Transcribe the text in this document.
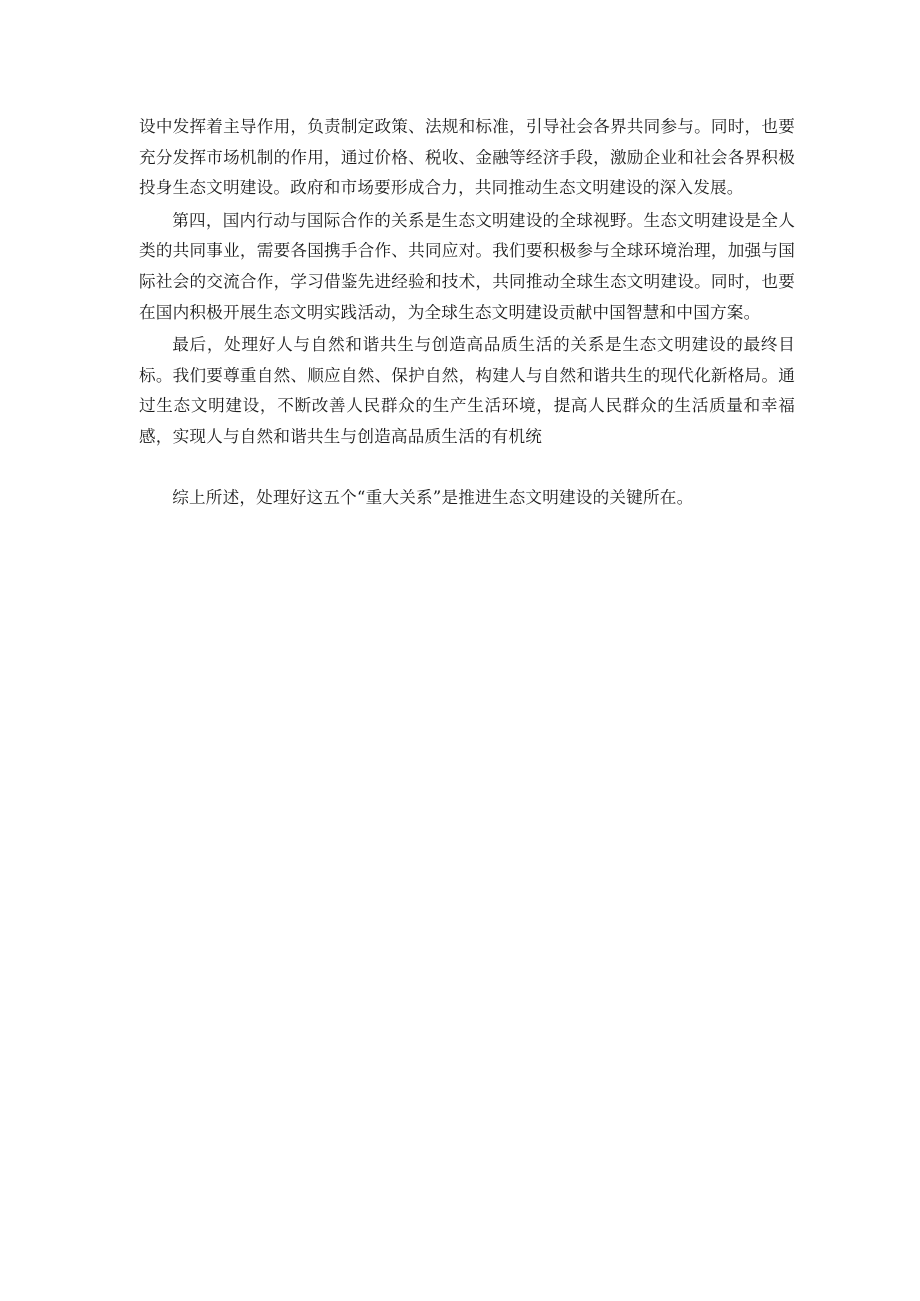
设中发挥着主导作用，负责制定政策、法规和标准，引导社会各界共同参与。同时，也要充分发挥市场机制的作用，通过价格、税收、金融等经济手段，激励企业和社会各界积极投身生态文明建设。政府和市场要形成合力，共同推动生态文明建设的深入发展。

第四，国内行动与国际合作的关系是生态文明建设的全球视野。生态文明建设是全人类的共同事业，需要各国携手合作、共同应对。我们要积极参与全球环境治理，加强与国际社会的交流合作，学习借鉴先进经验和技术，共同推动全球生态文明建设。同时，也要在国内积极开展生态文明实践活动，为全球生态文明建设贡献中国智慧和中国方案。

最后，处理好人与自然和谐共生与创造高品质生活的关系是生态文明建设的最终目标。我们要尊重自然、顺应自然、保护自然，构建人与自然和谐共生的现代化新格局。通过生态文明建设，不断改善人民群众的生产生活环境，提高人民群众的生活质量和幸福感，实现人与自然和谐共生与创造高品质生活的有机统

综上所述，处理好这五个“重大关系”是推进生态文明建设的关键所在。
